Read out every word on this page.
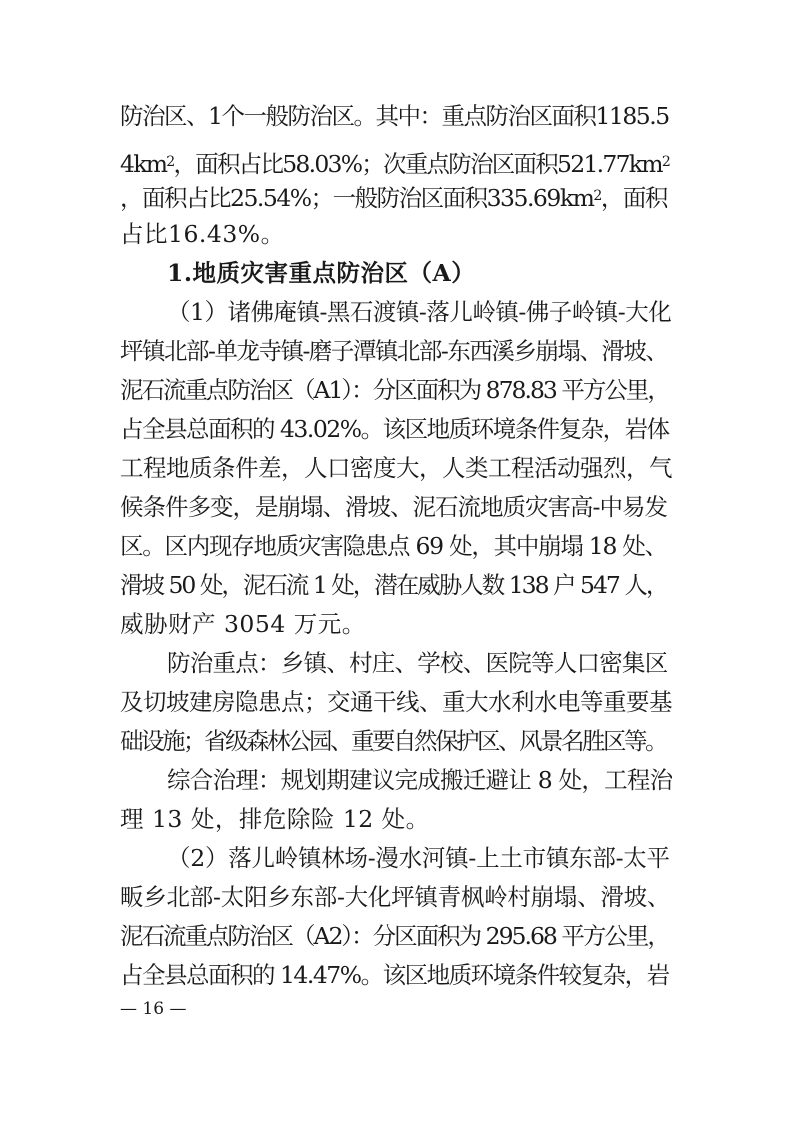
防治区、1个一般防治区。其中：重点防治区面积1185.5
$4km^2$，面积占比58.03%；次重点防治区面积$521.77km^2$
，面积占比25.54%；一般防治区面积$335.69km^2$，面积
占比16.43%。
1.地质灾害重点防治区（A）
（1）诸佛庵镇-黑石渡镇-落儿岭镇-佛子岭镇-大化
坪镇北部-单龙寺镇-磨子潭镇北部-东西溪乡崩塌、滑坡、
泥石流重点防治区（A1）：分区面积为 878.83 平方公里，
占全县总面积的 43.02%。该区地质环境条件复杂，岩体
工程地质条件差，人口密度大，人类工程活动强烈，气
候条件多变，是崩塌、滑坡、泥石流地质灾害高-中易发
区。区内现存地质灾害隐患点 69 处，其中崩塌 18 处、
滑坡 50 处，泥石流 1 处，潜在威胁人数 138 户 547 人，
威胁财产 3054 万元。
防治重点：乡镇、村庄、学校、医院等人口密集区
及切坡建房隐患点；交通干线、重大水利水电等重要基
础设施；省级森林公园、重要自然保护区、风景名胜区等。
综合治理：规划期建议完成搬迁避让 8 处，工程治
理 13 处，排危除险 12 处。
（2）落儿岭镇林场-漫水河镇-上土市镇东部-太平
畈乡北部-太阳乡东部-大化坪镇青枫岭村崩塌、滑坡、
泥石流重点防治区（A2）：分区面积为 295.68 平方公里，
占全县总面积的 14.47%。该区地质环境条件较复杂，岩
— 16 —
